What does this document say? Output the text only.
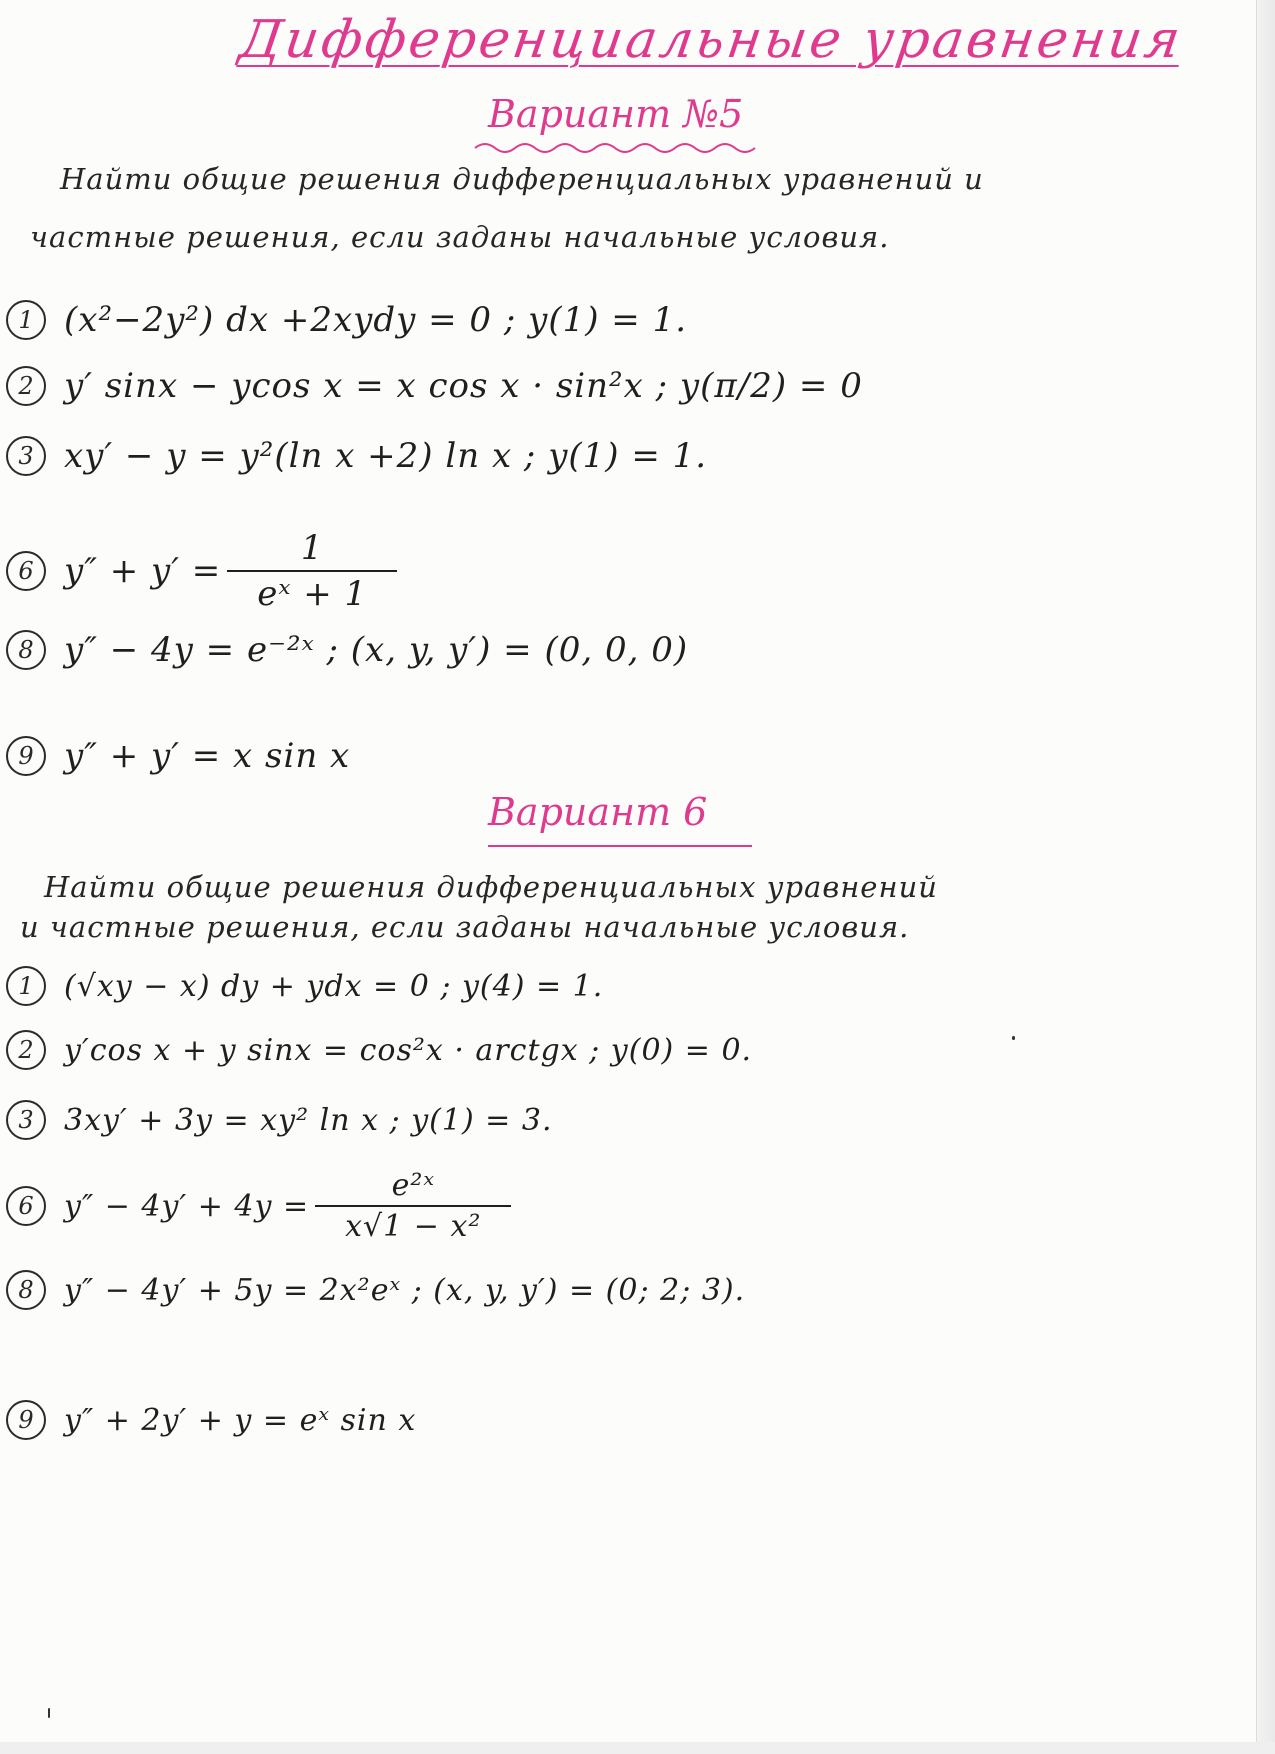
Дифференциальные уравнения
Вариант №5
Найти общие решения дифференциальных уравнений и
частные решения, если заданы начальные условия.
1 (x²−2y²) dx +2xydy = 0 ; y(1) = 1.
2 y′ sinx − ycos x = x cos x · sin²x ; y(π/2) = 0
3 xy′ − y = y²(ln x +2) ln x ; y(1) = 1.
6 $y'' + y' = \frac{1}{\text{eˣ + 1}}$
8 y″ − 4y = e⁻²ˣ ; (x, y, y′) = (0, 0, 0)
9 y″ + y′ = x sin x
Вариант 6
Найти общие решения дифференциальных уравнений
и частные решения, если заданы начальные условия.
1	(√xy − x) dy + ydx = 0 ; y(4) = 1.
2	y′cos x + y sinx = cos²x · arctgx ; y(0) = 0.
3	3xy′ + 3y = xy² ln x ; y(1) = 3.
6	$y'' - 4y' + 4y = \frac{\text{e²ˣ}}{\text{x√1 − x²}}$
8	y″ − 4y′ + 5y = 2x²eˣ ; (x, y, y′) = (0; 2; 3).
9	y″ + 2y′ + y = eˣ sin x
